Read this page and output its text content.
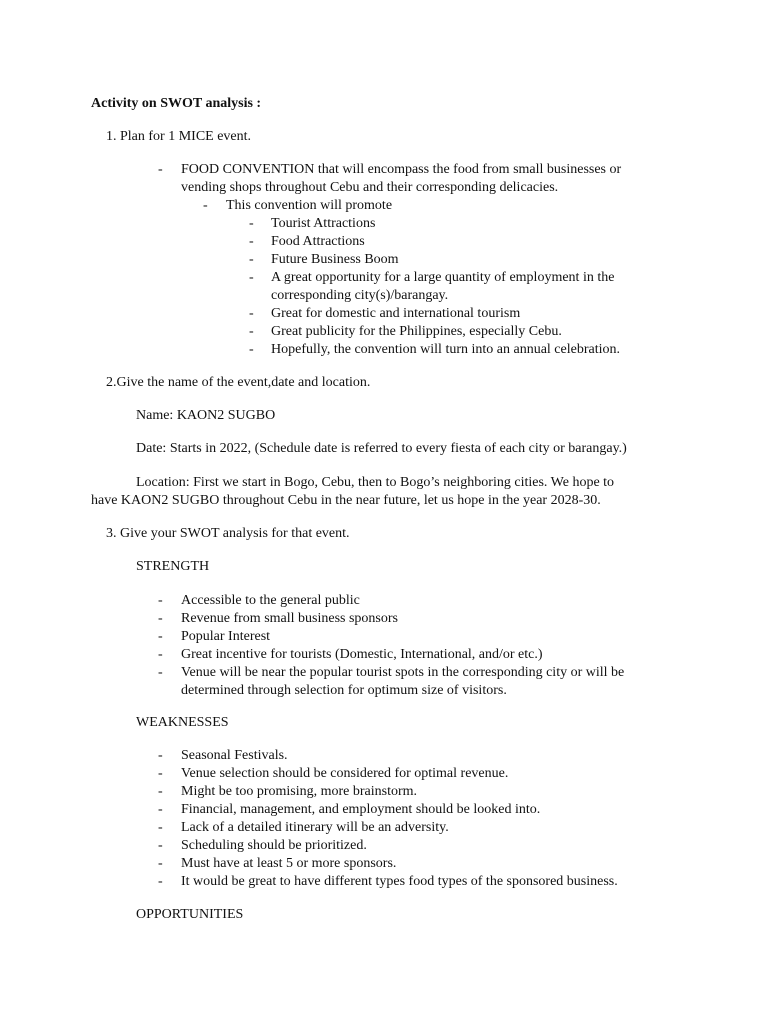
Activity on SWOT analysis :
1. Plan for 1 MICE event.
- FOOD CONVENTION that will encompass the food from small businesses or
vending shops throughout Cebu and their corresponding delicacies.
- This convention will promote
- Tourist Attractions
- Food Attractions
- Future Business Boom
- A great opportunity for a large quantity of employment in the
corresponding city(s)/barangay.
- Great for domestic and international tourism
- Great publicity for the Philippines, especially Cebu.
- Hopefully, the convention will turn into an annual celebration.
2.Give the name of the event,date and location.
Name: KAON2 SUGBO
Date: Starts in 2022, (Schedule date is referred to every fiesta of each city or barangay.)
Location: First we start in Bogo, Cebu, then to Bogo’s neighboring cities. We hope to
have KAON2 SUGBO throughout Cebu in the near future, let us hope in the year 2028-30.
3. Give your SWOT analysis for that event.
STRENGTH
- Accessible to the general public
- Revenue from small business sponsors
- Popular Interest
- Great incentive for tourists (Domestic, International, and/or etc.)
- Venue will be near the popular tourist spots in the corresponding city or will be
determined through selection for optimum size of visitors.
WEAKNESSES
- Seasonal Festivals.
- Venue selection should be considered for optimal revenue.
- Might be too promising, more brainstorm.
- Financial, management, and employment should be looked into.
- Lack of a detailed itinerary will be an adversity.
- Scheduling should be prioritized.
- Must have at least 5 or more sponsors.
- It would be great to have different types food types of the sponsored business.
OPPORTUNITIES
